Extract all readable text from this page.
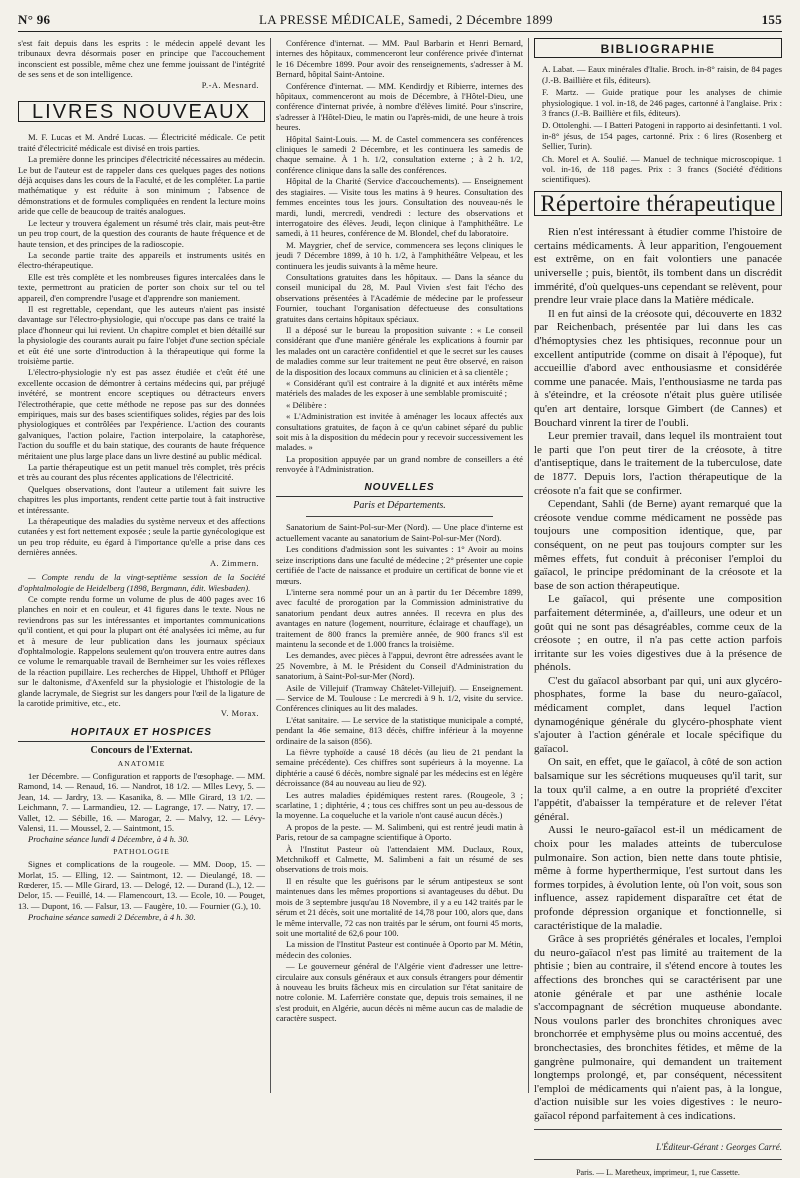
N° 96	LA PRESSE MÉDICALE, Samedi, 2 Décembre 1899	155

s'est fait depuis dans les esprits : le médecin appelé devant les tribunaux devra désormais poser en principe que l'accouchement inconscient est possible, même chez une femme jouissant de l'intégrité de ses sens et de son intelligence.

P.-A. Mesnard.
LIVRES NOUVEAUX

M. F. Lucas et M. André Lucas. — Électricité médicale. Ce petit traité d'électricité médicale est divisé en trois parties.

La première donne les principes d'électricité nécessaires au médecin. Le but de l'auteur est de rappeler dans ces quelques pages des notions déjà acquises dans les cours de la Faculté, et de les compléter. La partie mathématique y est réduite à son minimum ; l'absence de démonstrations et de formules compliquées en rendent la lecture moins aride que celle de beaucoup de traités analogues.

Le lecteur y trouvera également un résumé très clair, mais peut-être un peu trop court, de la question des courants de haute fréquence et de haute tension, et des principes de la radioscopie.

La seconde partie traite des appareils et instruments usités en électro-thérapeutique.

Elle est très complète et les nombreuses figures intercalées dans le texte, permettront au praticien de porter son choix sur tel ou tel appareil, d'en comprendre l'usage et d'apprendre son maniement.

Il est regrettable, cependant, que les auteurs n'aient pas insisté davantage sur l'électro-physiologie, qui n'occupe pas dans ce traité la place d'honneur qui lui revient. Un chapitre complet et bien détaillé sur la physiologie des courants aurait pu faire l'objet d'une section spéciale et eût été une sorte d'introduction à la thérapeutique qui forme la troisième partie.

L'électro-physiologie n'y est pas assez étudiée et c'eût été une excellente occasion de démontrer à certains médecins qui, par préjugé invétéré, se montrent encore sceptiques ou détracteurs envers l'électrothérapie, que cette méthode ne repose pas sur des données empiriques, mais sur des bases scientifiques solides, régies par des lois physiologiques et contrôlées par l'expérience. L'action des courants galvaniques, l'action polaire, l'action interpolaire, la cataphorèse, l'action du souffle et du bain statique, des courants de haute fréquence méritaient une plus large place dans un livre destiné au public médical.

La partie thérapeutique est un petit manuel très complet, très précis et très au courant des plus récentes applications de l'électricité.

Quelques observations, dont l'auteur a utilement fait suivre les chapitres les plus importants, rendent cette partie tout à fait instructive et intéressante.

La thérapeutique des maladies du système nerveux et des affections cutanées y est fort nettement exposée ; seule la partie gynécologique est un peu trop réduite, eu égard à l'importance qu'elle a prise dans ces dernières années.

A. Zimmern.

— Compte rendu de la vingt-septième session de la Société d'ophtalmologie de Heidelberg (1898, Bergmann, édit. Wiesbaden).

Ce compte rendu forme un volume de plus de 400 pages avec 16 planches en noir et en couleur, et 41 figures dans le texte. Nous ne reviendrons pas sur les intéressantes et importantes communications qu'il contient, et qui pour la plupart ont été analysées ici même, au fur et à mesure de leur publication dans les journaux spéciaux d'ophtalmologie. Rappelons seulement qu'on trouvera entre autres dans ce volume le remarquable travail de Bernheimer sur les voies réflexes de la réaction pupillaire. Les recherches de Hippel, Uhthoff et Pflüger sur le daltonisme, d'Axenfeld sur la physiologie et l'histologie de la glande lacrymale, de Siegrist sur les dangers pour l'œil de la ligature de la carotide primitive, etc., etc.

V. Morax.
HOPITAUX ET HOSPICES
Concours de l'Externat.
ANATOMIE

1er Décembre. — Configuration et rapports de l'œsophage. — MM. Ramond, 14. — Renaud, 16. — Nandrot, 18 1/2. — Mlles Levy, 5. — Jean, 14. — Jardry, 13. — Kasanika, 8. — Mlle Girard, 13 1/2. — Leichmann, 7. — Larmandieu, 12. — Lagrange, 17. — Natry, 17. — Vallet, 12. — Sébille, 16. — Marogar, 2. — Malvy, 12. — Lévy-Valensi, 11. — Moussel, 2. — Saintmont, 15.

Prochaine séance lundi 4 Décembre, à 4 h. 30.

PATHOLOGIE

Signes et complications de la rougeole. — MM. Doop, 15. — Morlat, 15. — Elling, 12. — Saintmont, 12. — Dieulangé, 18. — Rœderer, 15. — Mlle Girard, 13. — Delogé, 12. — Durand (L.), 12. — Delor, 15. — Feuillé, 14. — Flamencourt, 13. — Ecole, 10. — Pouget, 13. — Dupont, 16. — Falsur, 13. — Faugère, 10. — Fournier (G.), 10.

Prochaine séance samedi 2 Décembre, à 4 h. 30.

Conférence d'internat. — MM. Paul Barbarin et Henri Bernard, internes des hôpitaux, commenceront leur conférence privée d'internat le 16 Décembre 1899. Pour avoir des renseignements, s'adresser à M. Bernard, hôpital Saint-Antoine.

Conférence d'internat. — MM. Kendirdjy et Ribierre, internes des hôpitaux, commenceront au mois de Décembre, à l'Hôtel-Dieu, une conférence d'internat privée, à nombre d'élèves limité. Pour s'inscrire, s'adresser à l'Hôtel-Dieu, le matin ou l'après-midi, de une heure à trois heures.

Hôpital Saint-Louis. — M. de Castel commencera ses conférences cliniques le samedi 2 Décembre, et les continuera les samedis de chaque semaine. À 1 h. 1/2, consultation externe ; à 2 h. 1/2, conférence clinique dans la salle des conférences.

Hôpital de la Charité (Service d'accouchements). — Enseignement des stagiaires. — Visite tous les matins à 9 heures. Consultation des femmes enceintes tous les jours. Consultation des nouveau-nés le mardi, lundi, mercredi, vendredi : lecture des observations et interrogatoire des élèves. Jeudi, leçon clinique à l'amphithéâtre. Le samedi, à 11 heures, conférence de M. Blondel, chef du laboratoire.

M. Maygrier, chef de service, commencera ses leçons cliniques le jeudi 7 Décembre 1899, à 10 h. 1/2, à l'amphithéâtre Velpeau, et les continuera les jeudis suivants à la même heure.

Consultations gratuites dans les hôpitaux. — Dans la séance du conseil municipal du 28, M. Paul Vivien s'est fait l'écho des observations présentées à l'Académie de médecine par le professeur Fournier, touchant l'organisation défectueuse des consultations gratuites dans certains hôpitaux spéciaux.

Il a déposé sur le bureau la proposition suivante : « Le conseil considérant que d'une manière générale les explications à fournir par les malades ont un caractère confidentiel et que le secret sur les causes de maladies comme sur leur traitement ne peut être observé, en raison de la disposition des locaux communs au clinicien et à sa clientèle ;

« Considérant qu'il est contraire à la dignité et aux intérêts même matériels des malades de les exposer à une semblable promiscuité ;

« Délibère :

« L'Administration est invitée à aménager les locaux affectés aux consultations gratuites, de façon à ce qu'un cabinet séparé du public soit mis à la disposition du médecin pour y recevoir successivement les malades. »

La proposition appuyée par un grand nombre de conseillers a été renvoyée à l'Administration.

NOUVELLES
Paris et Départements.

Sanatorium de Saint-Pol-sur-Mer (Nord). — Une place d'interne est actuellement vacante au sanatorium de Saint-Pol-sur-Mer (Nord).

Les conditions d'admission sont les suivantes : 1° Avoir au moins seize inscriptions dans une faculté de médecine ; 2° présenter une copie certifiée de l'acte de naissance et produire un certificat de bonne vie et mœurs.

L'interne sera nommé pour un an à partir du 1er Décembre 1899, avec faculté de prorogation par la Commission administrative du sanatorium pendant deux autres années. Il recevra en plus des avantages en nature (logement, nourriture, éclairage et chauffage), un traitement de 800 francs la première année, de 900 francs s'il est maintenu la seconde et de 1.000 francs la troisième.

Les demandes, avec pièces à l'appui, devront être adressées avant le 25 Novembre, à M. le Président du Conseil d'Administration du sanatorium, à Saint-Pol-sur-Mer (Nord).

Asile de Villejuif (Tramway Châtelet-Villejuif). — Enseignement. — Service de M. Toulouse : Le mercredi à 9 h. 1/2, visite du service. Conférences cliniques au lit des malades.

L'état sanitaire. — Le service de la statistique municipale a compté, pendant la 46e semaine, 813 décès, chiffre inférieur à la moyenne ordinaire de la saison (856).

La fièvre typhoïde a causé 18 décès (au lieu de 21 pendant la semaine précédente). Ces chiffres sont supérieurs à la moyenne. La diphtérie a causé 6 décès, nombre signalé par les médecins est en légère décroissance (84 au nouveau au lieu de 92).

Les autres maladies épidémiques restent rares. (Rougeole, 3 ; scarlatine, 1 ; diphtérie, 4 ; tous ces chiffres sont un peu au-dessous de la moyenne. La coqueluche et la variole n'ont causé aucun décès.)

A propos de la peste. — M. Salimbeni, qui est rentré jeudi matin à Paris, retour de sa campagne scientifique à Oporto.

À l'Institut Pasteur où l'attendaient MM. Duclaux, Roux, Metchnikoff et Calmette, M. Salimbeni a fait un résumé de ses observations de trois mois.

Il en résulte que les guérisons par le sérum antipesteux se sont maintenues dans les mêmes proportions si avantageuses du début. Du mois de 3 septembre jusqu'au 18 Novembre, il y a eu 142 traités par le sérum et 21 décès, soit une mortalité de 14,78 pour 100, alors que, dans le même intervalle, 72 cas non traités par le sérum, ont fourni 45 morts, soit une mortalité de 62,6 pour 100.

La mission de l'Institut Pasteur est continuée à Oporto par M. Métin, médecin des colonies.

— Le gouverneur général de l'Algérie vient d'adresser une lettre-circulaire aux consuls généraux et aux consuls étrangers pour démentir à nouveau les bruits fâcheux mis en circulation sur l'état sanitaire de notre colonie. M. Laferrière constate que, depuis trois semaines, il ne s'est produit, en Algérie, aucun décès ni même aucun cas de maladie de caractère suspect.

BIBLIOGRAPHIE

A. Labat. — Eaux minérales d'Italie. Broch. in-8° raisin, de 84 pages (J.-B. Baillière et fils, éditeurs).

F. Martz. — Guide pratique pour les analyses de chimie physiologique. 1 vol. in-18, de 246 pages, cartonné à l'anglaise. Prix : 3 francs (J.-B. Baillière et fils, éditeurs).

D. Ottolenghi. — I Batteri Patogeni in rapporto ai desinfettanti. 1 vol. in-8° jésus, de 154 pages, cartonné. Prix : 6 lires (Rosenberg et Sellier, Turin).

Ch. Morel et A. Soulié. — Manuel de technique microscopique. 1 vol. in-16, de 118 pages. Prix : 3 francs (Société d'éditions scientifiques).

Répertoire thérapeutique

Rien n'est intéressant à étudier comme l'histoire de certains médicaments. À leur apparition, l'engouement est extrême, on en fait volontiers une panacée universelle ; puis, bientôt, ils tombent dans un discrédit immérité, d'où quelques-uns cependant se relèvent, pour prendre leur vraie place dans la Matière médicale.

Il en fut ainsi de la créosote qui, découverte en 1832 par Reichenbach, présentée par lui dans les cas d'hémoptysies chez les phtisiques, reconnue pour un excellent antiputride (comme on disait à l'époque), fut accueillie d'abord avec enthousiasme et considérée comme une panacée. Mais, l'enthousiasme ne tarda pas à s'éteindre, et la créosote n'était plus guère utilisée qu'en art dentaire, lorsque Gimbert (de Cannes) et Bouchard vinrent la tirer de l'oubli.

Leur premier travail, dans lequel ils montraient tout le parti que l'on peut tirer de la créosote, à titre d'antiseptique, dans le traitement de la tuberculose, date de 1877. Depuis lors, l'action thérapeutique de la créosote n'a fait que se confirmer.

Cependant, Sahli (de Berne) ayant remarqué que la créosote vendue comme médicament ne possède pas toujours une composition identique, que, par conséquent, on ne peut pas toujours compter sur les mêmes effets, fut conduit à préconiser l'emploi du gaïacol, le principe prédominant de la créosote et la base de son action thérapeutique.

Le gaïacol, qui présente une composition parfaitement déterminée, a, d'ailleurs, une odeur et un goût qui ne sont pas désagréables, comme ceux de la créosote ; en outre, il n'a pas cette action parfois irritante sur les voies digestives due à la présence de phénols.

C'est du gaïacol absorbant par qui, uni aux glycéro-phosphates, forme la base du neuro-gaïacol, médicament complet, dans lequel l'action dynamogénique générale du glycéro-phosphate vient s'ajouter à l'action générale et locale spécifique du gaïacol.

On sait, en effet, que le gaïacol, à côté de son action balsamique sur les sécrétions muqueuses qu'il tarit, sur la toux qu'il calme, a en outre la propriété d'exciter l'appétit, d'abaisser la température et de relever l'état général.

Aussi le neuro-gaïacol est-il un médicament de choix pour les malades atteints de tuberculose pulmonaire. Son action, bien nette dans toute phtisie, même à forme hyperthermique, l'est surtout dans les formes torpides, à évolution lente, où l'on voit, sous son influence, assez rapidement disparaître cet état de profonde dépression organique et fonctionnelle, si caractéristique de la maladie.

Grâce à ses propriétés générales et locales, l'emploi du neuro-gaïacol n'est pas limité au traitement de la phtisie ; bien au contraire, il s'étend encore à toutes les affections des bronches qui se caractérisent par une atonie générale et par une asthénie locale s'accompagnant de sécrétion muqueuse abondante. Nous voulons parler des bronchites chroniques avec bronchorrée et emphysème plus ou moins accentué, des bronchectasies, des bronchites fétides, et même de la gangrène pulmonaire, qui demandent un traitement longtemps prolongé, et, par conséquent, nécessitent l'emploi de médicaments qui n'aient pas, à la longue, d'action nuisible sur les voies digestives : le neuro-gaïacol répond parfaitement à ces indications.

L'Éditeur-Gérant : Georges Carré.
Paris. — L. Maretheux, imprimeur, 1, rue Cassette.
